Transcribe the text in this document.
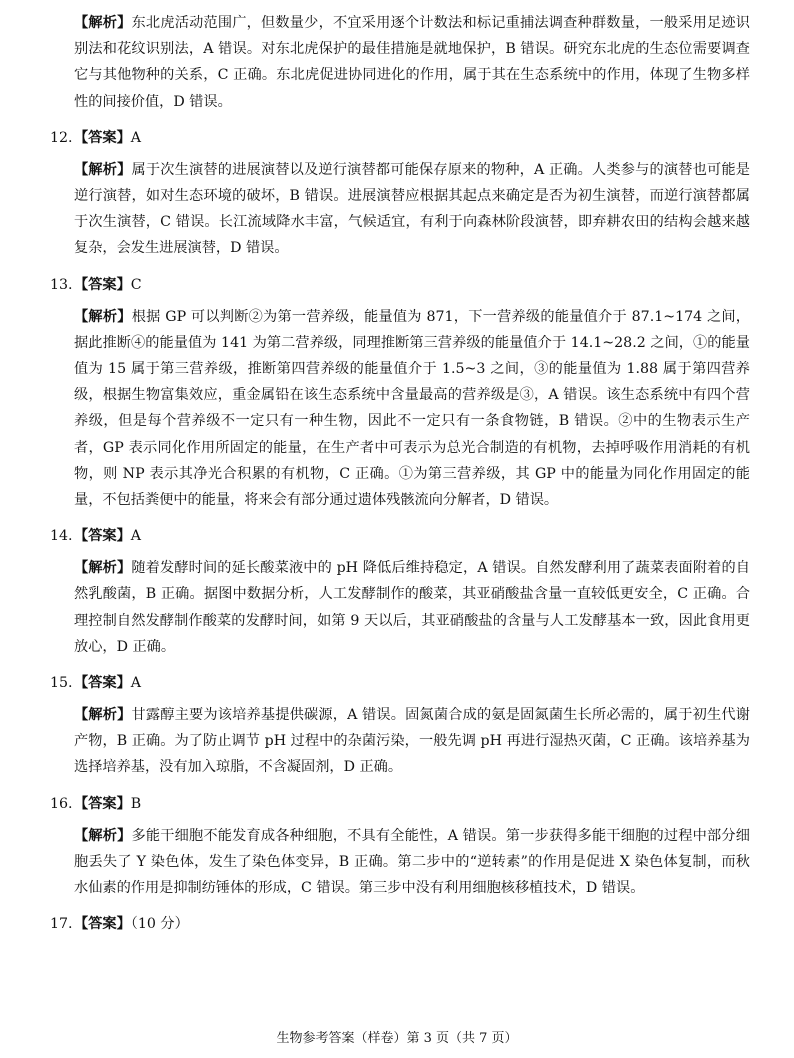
【解析】东北虎活动范围广，但数量少，不宜采用逐个计数法和标记重捕法调查种群数量，一般采用足迹识别法和花纹识别法，A 错误。对东北虎保护的最佳措施是就地保护，B 错误。研究东北虎的生态位需要调查它与其他物种的关系，C 正确。东北虎促进协同进化的作用，属于其在生态系统中的作用，体现了生物多样性的间接价值，D 错误。

12.【答案】A

【解析】属于次生演替的进展演替以及逆行演替都可能保存原来的物种，A 正确。人类参与的演替也可能是逆行演替，如对生态环境的破坏，B 错误。进展演替应根据其起点来确定是否为初生演替，而逆行演替都属于次生演替，C 错误。长江流域降水丰富，气候适宜，有利于向森林阶段演替，即弃耕农田的结构会越来越复杂，会发生进展演替，D 错误。

13.【答案】C

【解析】根据 GP 可以判断②为第一营养级，能量值为 871，下一营养级的能量值介于 87.1~174 之间，据此推断④的能量值为 141 为第二营养级，同理推断第三营养级的能量值介于 14.1~28.2 之间，①的能量值为 15 属于第三营养级，推断第四营养级的能量值介于 1.5~3 之间，③的能量值为 1.88 属于第四营养级，根据生物富集效应，重金属铅在该生态系统中含量最高的营养级是③，A 错误。该生态系统中有四个营养级，但是每个营养级不一定只有一种生物，因此不一定只有一条食物链，B 错误。②中的生物表示生产者，GP 表示同化作用所固定的能量，在生产者中可表示为总光合制造的有机物，去掉呼吸作用消耗的有机物，则 NP 表示其净光合积累的有机物，C 正确。①为第三营养级，其 GP 中的能量为同化作用固定的能量，不包括粪便中的能量，将来会有部分通过遗体残骸流向分解者，D 错误。

14.【答案】A

【解析】随着发酵时间的延长酸菜液中的 pH 降低后维持稳定，A 错误。自然发酵利用了蔬菜表面附着的自然乳酸菌，B 正确。据图中数据分析，人工发酵制作的酸菜，其亚硝酸盐含量一直较低更安全，C 正确。合理控制自然发酵制作酸菜的发酵时间，如第 9 天以后，其亚硝酸盐的含量与人工发酵基本一致，因此食用更放心，D 正确。

15.【答案】A

【解析】甘露醇主要为该培养基提供碳源，A 错误。固氮菌合成的氨是固氮菌生长所必需的，属于初生代谢产物，B 正确。为了防止调节 pH 过程中的杂菌污染，一般先调 pH 再进行湿热灭菌，C 正确。该培养基为选择培养基，没有加入琼脂，不含凝固剂，D 正确。

16.【答案】B

【解析】多能干细胞不能发育成各种细胞，不具有全能性，A 错误。第一步获得多能干细胞的过程中部分细胞丢失了 Y 染色体，发生了染色体变异，B 正确。第二步中的“逆转素”的作用是促进 X 染色体复制，而秋水仙素的作用是抑制纺锤体的形成，C 错误。第三步中没有利用细胞核移植技术，D 错误。

17.【答案】（10 分）
生物参考答案（样卷）第 3 页（共 7 页）
